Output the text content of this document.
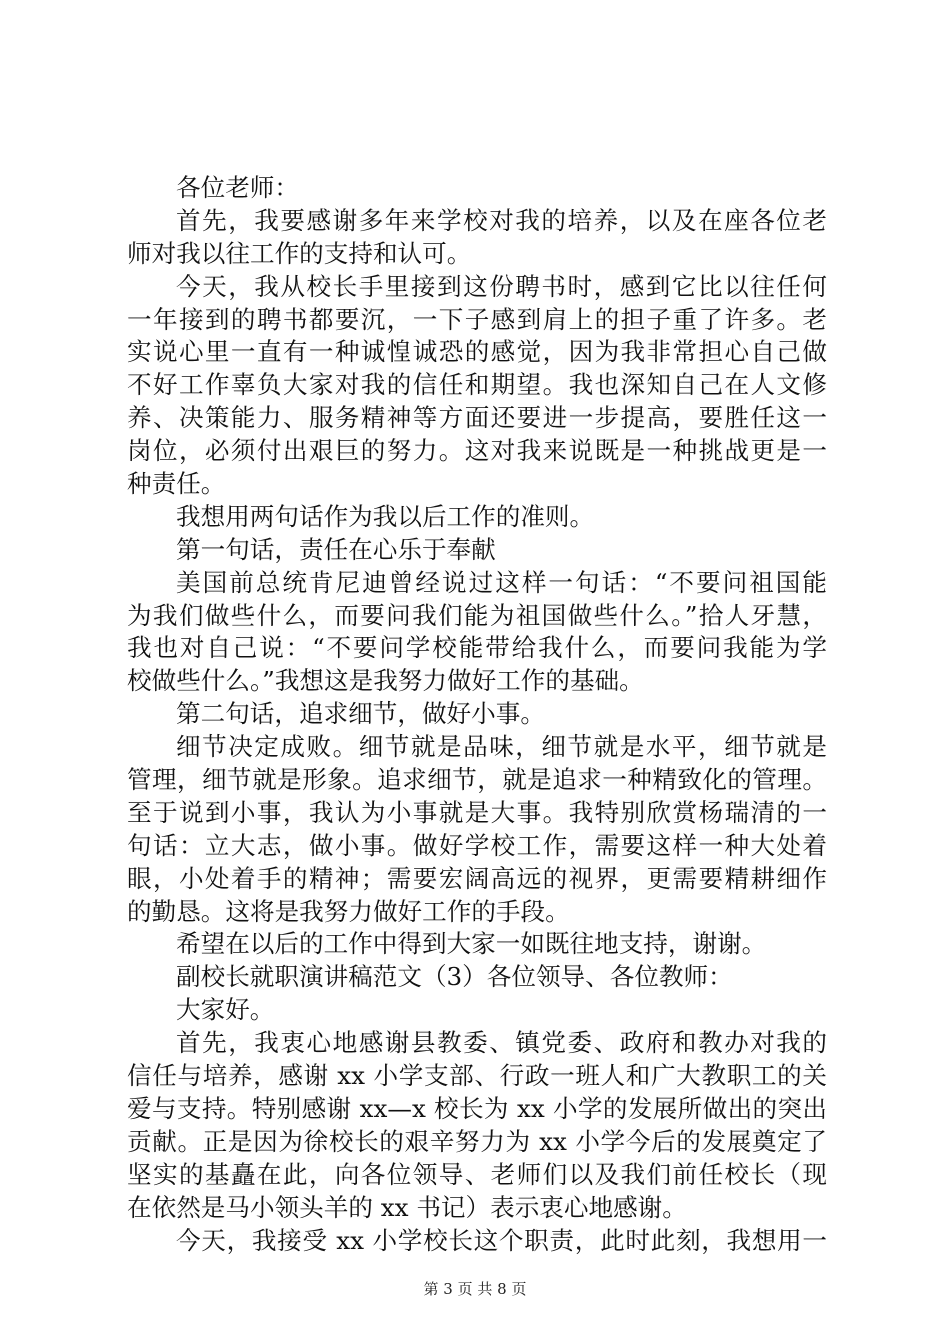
各位老师：
首先，我要感谢多年来学校对我的培养，以及在座各位老
师对我以往工作的支持和认可。
今天，我从校长手里接到这份聘书时，感到它比以往任何
一年接到的聘书都要沉，一下子感到肩上的担子重了许多。老
实说心里一直有一种诚惶诚恐的感觉，因为我非常担心自己做
不好工作辜负大家对我的信任和期望。我也深知自己在人文修
养、决策能力、服务精神等方面还要进一步提高，要胜任这一
岗位，必须付出艰巨的努力。这对我来说既是一种挑战更是一
种责任。
我想用两句话作为我以后工作的准则。
第一句话，责任在心乐于奉献
美国前总统肯尼迪曾经说过这样一句话：“不要问祖国能
为我们做些什么，而要问我们能为祖国做些什么。”拾人牙慧，
我也对自己说：“不要问学校能带给我什么，而要问我能为学
校做些什么。”我想这是我努力做好工作的基础。
第二句话，追求细节，做好小事。
细节决定成败。细节就是品味，细节就是水平，细节就是
管理，细节就是形象。追求细节，就是追求一种精致化的管理。
至于说到小事，我认为小事就是大事。我特别欣赏杨瑞清的一
句话：立大志，做小事。做好学校工作，需要这样一种大处着
眼，小处着手的精神；需要宏阔高远的视界，更需要精耕细作
的勤恳。这将是我努力做好工作的手段。
希望在以后的工作中得到大家一如既往地支持，谢谢。
副校长就职演讲稿范文（3）各位领导、各位教师：
大家好。
首先，我衷心地感谢县教委、镇党委、政府和教办对我的
信任与培养，感谢 xx 小学支部、行政一班人和广大教职工的关
爱与支持。特别感谢 xx—x 校长为 xx 小学的发展所做出的突出
贡献。正是因为徐校长的艰辛努力为 xx 小学今后的发展奠定了
坚实的基矗在此，向各位领导、老师们以及我们前任校长（现
在依然是马小领头羊的 xx 书记）表示衷心地感谢。
今天，我接受 xx 小学校长这个职责，此时此刻，我想用一
第 3 页 共 8 页
